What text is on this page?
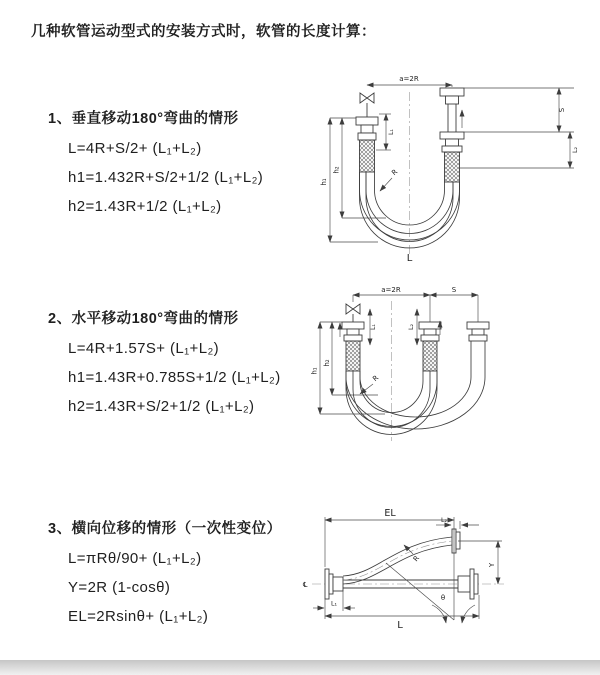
几种软管运动型式的安装方式时，软管的长度计算：
1、垂直移动180°弯曲的情形
L=4R+S/2+ (L₁+L₂)
h1=1.432R+S/2+1/2 (L₁+L₂)
h2=1.43R+1/2 (L₁+L₂)
a=2R
h₁
h₂
L₁
S
L₂
R
L
2、水平移动180°弯曲的情形
L=4R+1.57S+ (L₁+L₂)
h1=1.43R+0.785S+1/2 (L₁+L₂)
h2=1.43R+S/2+1/2 (L₁+L₂)
a=2R	S
h₁
h₂
L₁	L₂
R
3、横向位移的情形（一次性变位）
L=πRθ/90+ (L₁+L₂)
Y=2R (1-cosθ)
EL=2Rsinθ+ (L₁+L₂)
℄
θ
R
EL
L₂
Y
L
L₁
